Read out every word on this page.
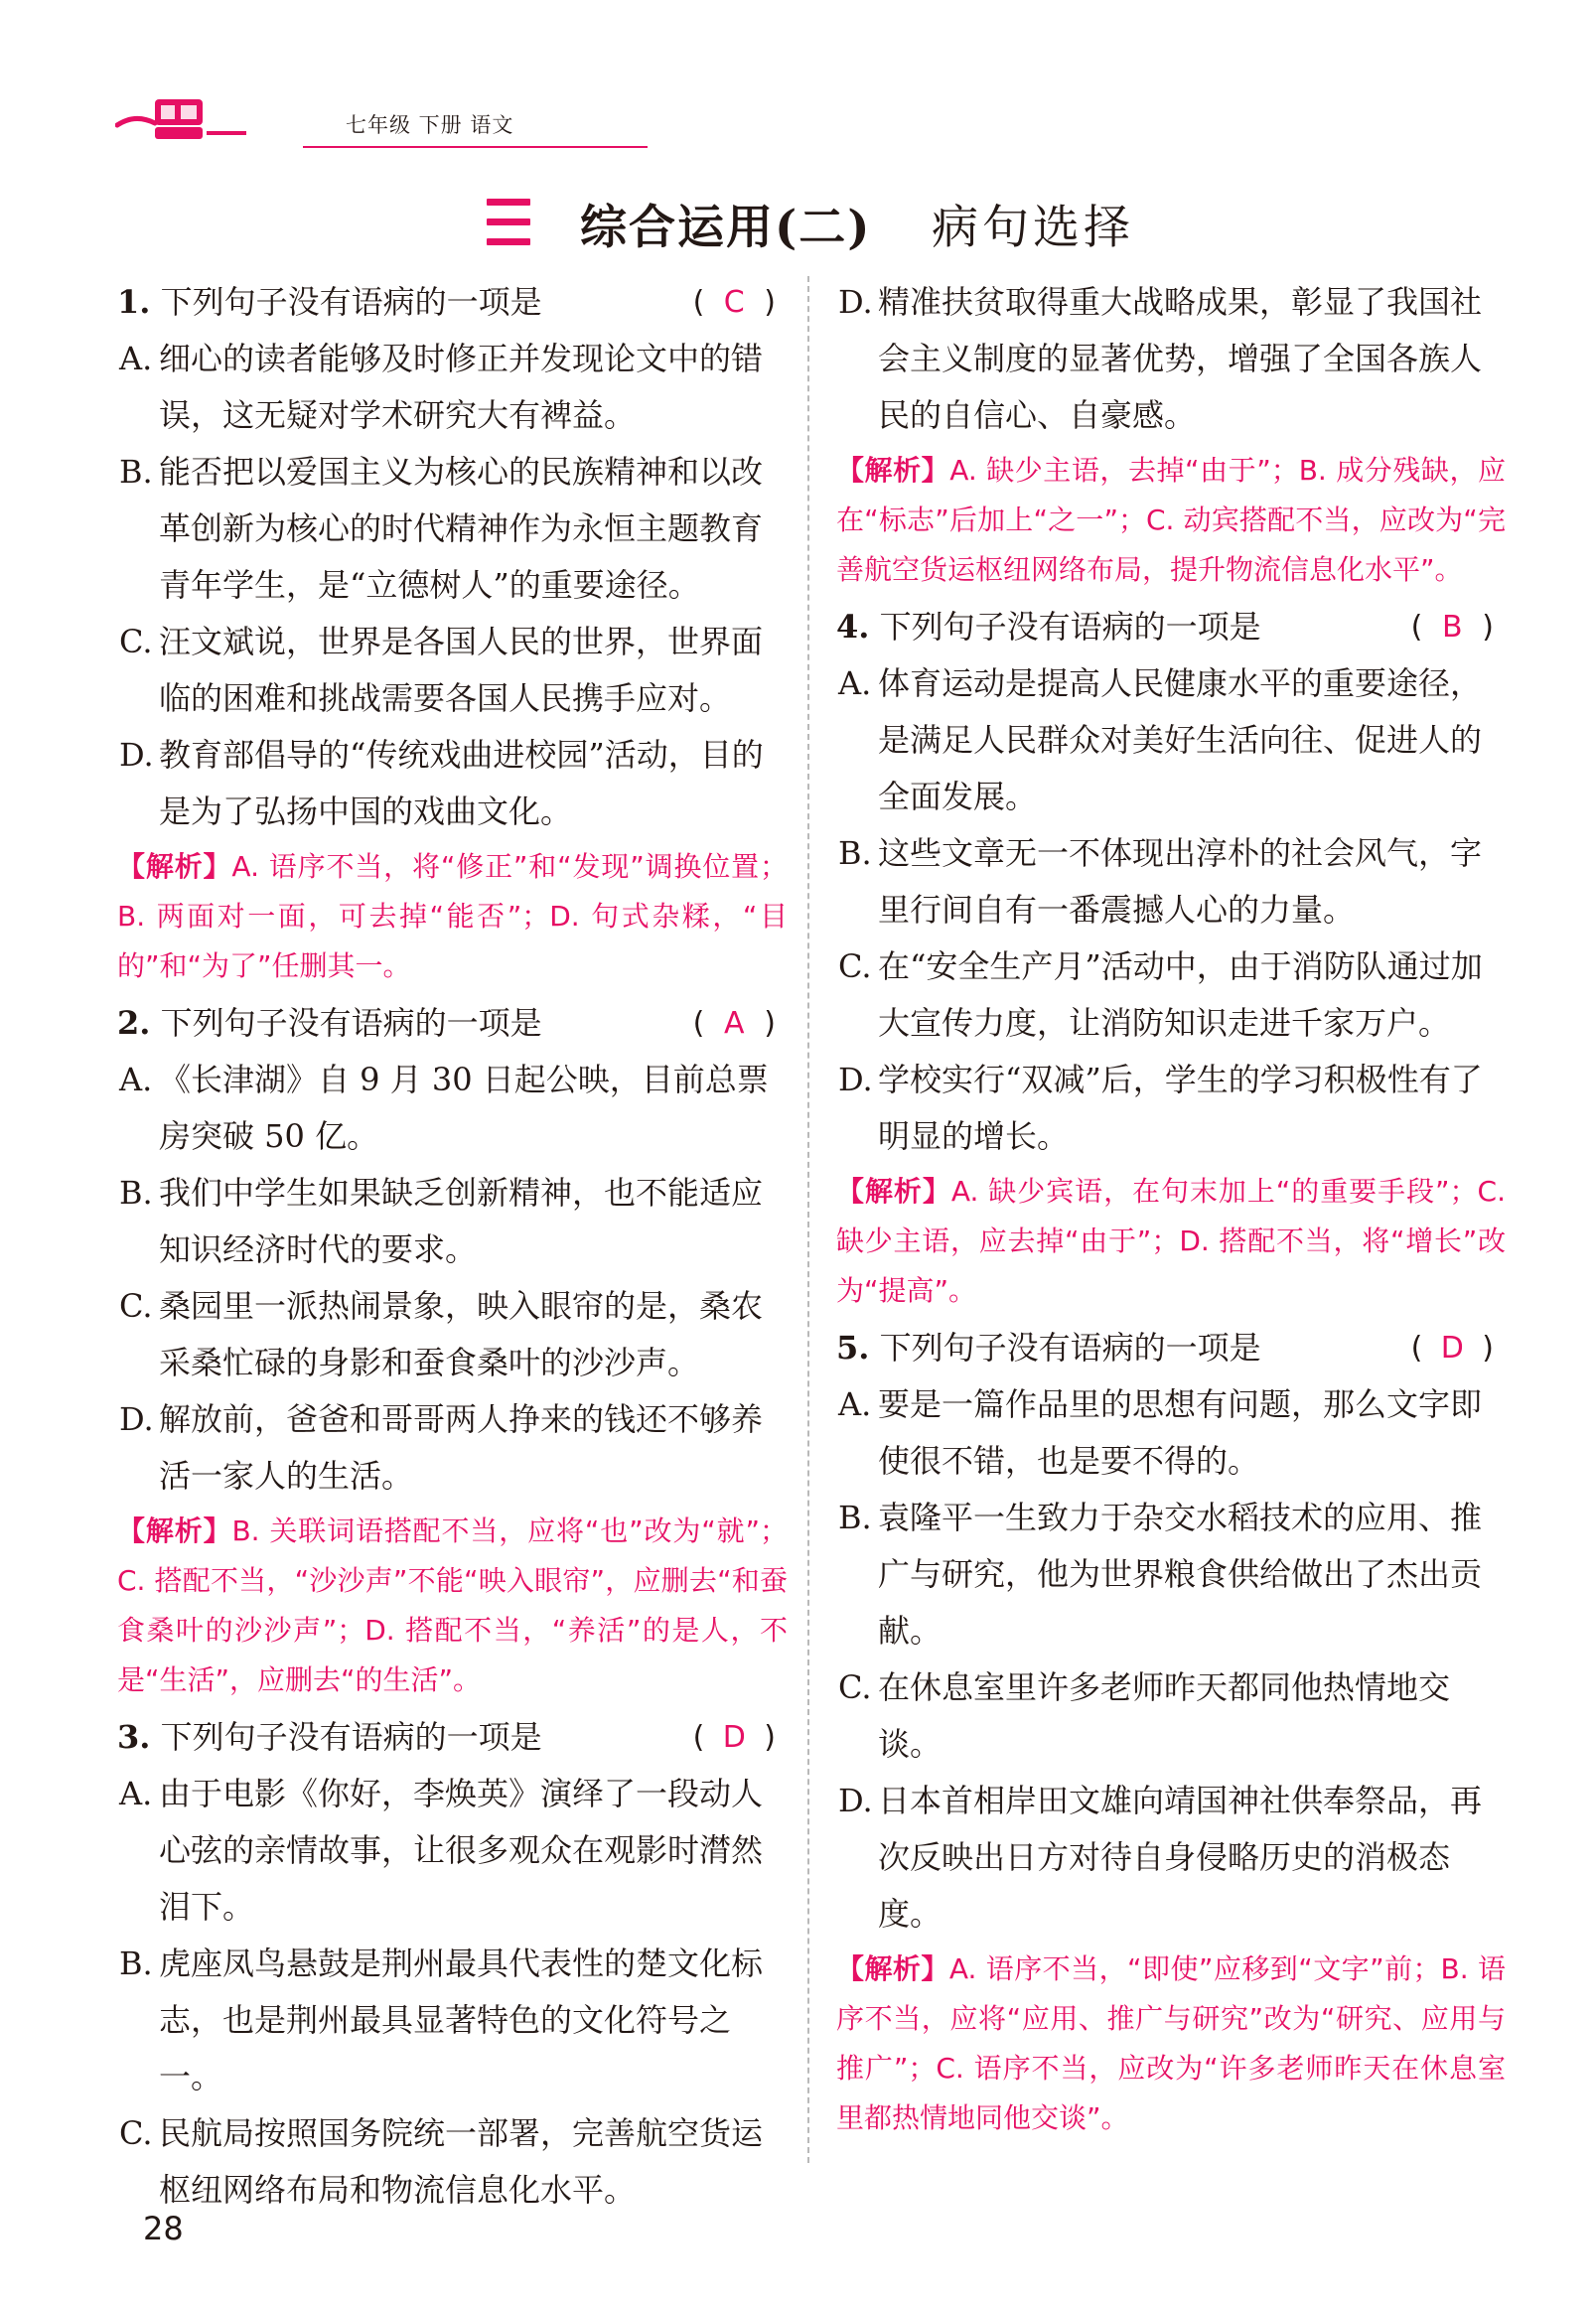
七年级 下册 语文
综合运用(二) 病句选择
1. 下列句子没有语病的一项是	( C )
A. 细心的读者能够及时修正并发现论文中的错误，这无疑对学术研究大有裨益。
B. 能否把以爱国主义为核心的民族精神和以改革创新为核心的时代精神作为永恒主题教育青年学生，是“立德树人”的重要途径。
C. 汪文斌说，世界是各国人民的世界，世界面临的困难和挑战需要各国人民携手应对。
D. 教育部倡导的“传统戏曲进校园”活动，目的是为了弘扬中国的戏曲文化。
【解析】A. 语序不当，将“修正”和“发现”调换位置；B. 两面对一面，可去掉“能否”；D. 句式杂糅，“目的”和“为了”任删其一。
2. 下列句子没有语病的一项是	( A )
A. 《长津湖》自 9 月 30 日起公映，目前总票房突破 50 亿。
B. 我们中学生如果缺乏创新精神，也不能适应知识经济时代的要求。
C. 桑园里一派热闹景象，映入眼帘的是，桑农采桑忙碌的身影和蚕食桑叶的沙沙声。
D. 解放前，爸爸和哥哥两人挣来的钱还不够养活一家人的生活。
【解析】B. 关联词语搭配不当，应将“也”改为“就”；C. 搭配不当，“沙沙声”不能“映入眼帘”，应删去“和蚕食桑叶的沙沙声”；D. 搭配不当，“养活”的是人，不是“生活”，应删去“的生活”。
3. 下列句子没有语病的一项是	( D )
A. 由于电影《你好，李焕英》演绎了一段动人心弦的亲情故事，让很多观众在观影时潸然泪下。
B. 虎座凤鸟悬鼓是荆州最具代表性的楚文化标志，也是荆州最具显著特色的文化符号之一。
C. 民航局按照国务院统一部署，完善航空货运枢纽网络布局和物流信息化水平。
D. 精准扶贫取得重大战略成果，彰显了我国社会主义制度的显著优势，增强了全国各族人民的自信心、自豪感。
【解析】A. 缺少主语，去掉“由于”；B. 成分残缺，应在“标志”后加上“之一”；C. 动宾搭配不当，应改为“完善航空货运枢纽网络布局，提升物流信息化水平”。
4. 下列句子没有语病的一项是	( B )
A. 体育运动是提高人民健康水平的重要途径，是满足人民群众对美好生活向往、促进人的全面发展。
B. 这些文章无一不体现出淳朴的社会风气，字里行间自有一番震撼人心的力量。
C. 在“安全生产月”活动中，由于消防队通过加大宣传力度，让消防知识走进千家万户。
D. 学校实行“双减”后，学生的学习积极性有了明显的增长。
【解析】A. 缺少宾语，在句末加上“的重要手段”；C. 缺少主语，应去掉“由于”；D. 搭配不当，将“增长”改为“提高”。
5. 下列句子没有语病的一项是	( D )
A. 要是一篇作品里的思想有问题，那么文字即使很不错，也是要不得的。
B. 袁隆平一生致力于杂交水稻技术的应用、推广与研究，他为世界粮食供给做出了杰出贡献。
C. 在休息室里许多老师昨天都同他热情地交谈。
D. 日本首相岸田文雄向靖国神社供奉祭品，再次反映出日方对待自身侵略历史的消极态度。
【解析】A. 语序不当，“即使”应移到“文字”前；B. 语序不当，应将“应用、推广与研究”改为“研究、应用与推广”；C. 语序不当，应改为“许多老师昨天在休息室里都热情地同他交谈”。
28
